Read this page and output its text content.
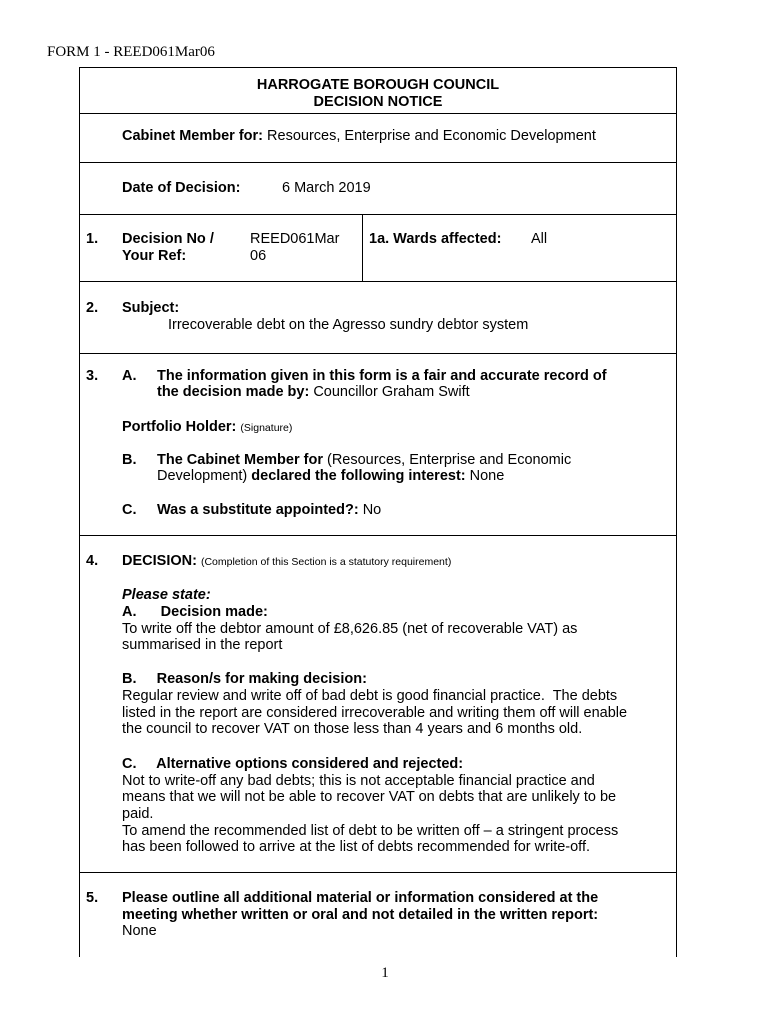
FORM 1 - REED061Mar06
HARROGATE BOROUGH COUNCIL
DECISION NOTICE
Cabinet Member for: Resources, Enterprise and Economic Development
Date of Decision:	6 March 2019
1. Decision No /
Your Ref:
REED061Mar
06
1a. Wards affected: All
2. Subject:
Irrecoverable debt on the Agresso sundry debtor system
3. A. The information given in this form is a fair and accurate record of
the decision made by: Councillor Graham Swift
Portfolio Holder: (Signature)
B. The Cabinet Member for (Resources, Enterprise and Economic
Development) declared the following interest: None
C. Was a substitute appointed?: No
4. DECISION: (Completion of this Section is a statutory requirement)
Please state:
A.      Decision made:
To write off the debtor amount of £8,626.85 (net of recoverable VAT) as
summarised in the report
B.     Reason/s for making decision:
Regular review and write off of bad debt is good financial practice.  The debts
listed in the report are considered irrecoverable and writing them off will enable
the council to recover VAT on those less than 4 years and 6 months old.
C.     Alternative options considered and rejected:
Not to write-off any bad debts; this is not acceptable financial practice and
means that we will not be able to recover VAT on debts that are unlikely to be
paid.
To amend the recommended list of debt to be written off – a stringent process
has been followed to arrive at the list of debts recommended for write-off.
5. Please outline all additional material or information considered at the
meeting whether written or oral and not detailed in the written report:
None
1
